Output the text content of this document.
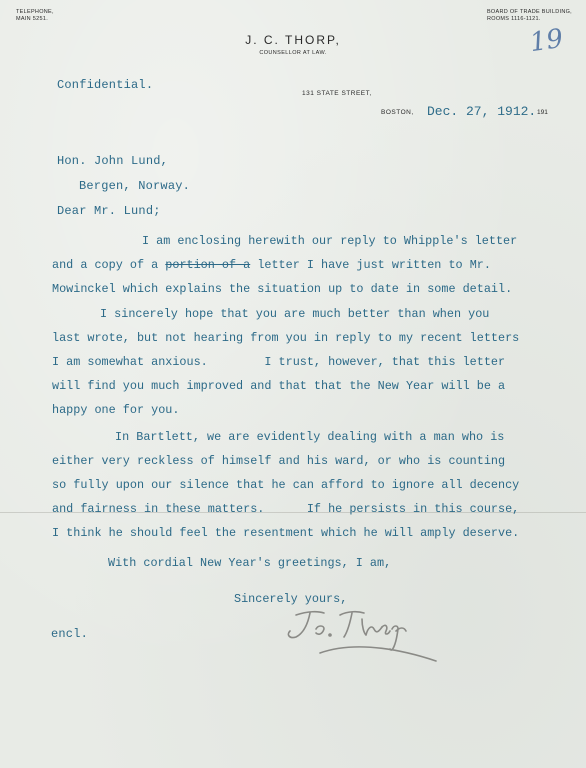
TELEPHONE,
MAIN 5251.
BOARD OF TRADE BUILDING,
ROOMS 1116-1121.
J. C. THORP,
COUNSELLOR AT LAW.	19
Confidential.
131 STATE STREET,
BOSTON, Dec. 27, 1912. 191
Hon. John Lund,
Bergen, Norway.
Dear Mr. Lund;
I am enclosing herewith our reply to Whipple's letter
and a copy of a portion of a letter I have just written to Mr.
Mowinckel which explains the situation up to date in some detail.
I sincerely hope that you are much better than when you
last wrote, but not hearing from you in reply to my recent letters
I am somewhat anxious.        I trust, however, that this letter
will find you much improved and that that the New Year will be a
happy one for you.
In Bartlett, we are evidently dealing with a man who is
either very reckless of himself and his ward, or who is counting
so fully upon our silence that he can afford to ignore all decency
and fairness in these matters.      If he persists in this course,
I think he should feel the resentment which he will amply deserve.
With cordial New Year's greetings, I am,
Sincerely yours,
encl.
